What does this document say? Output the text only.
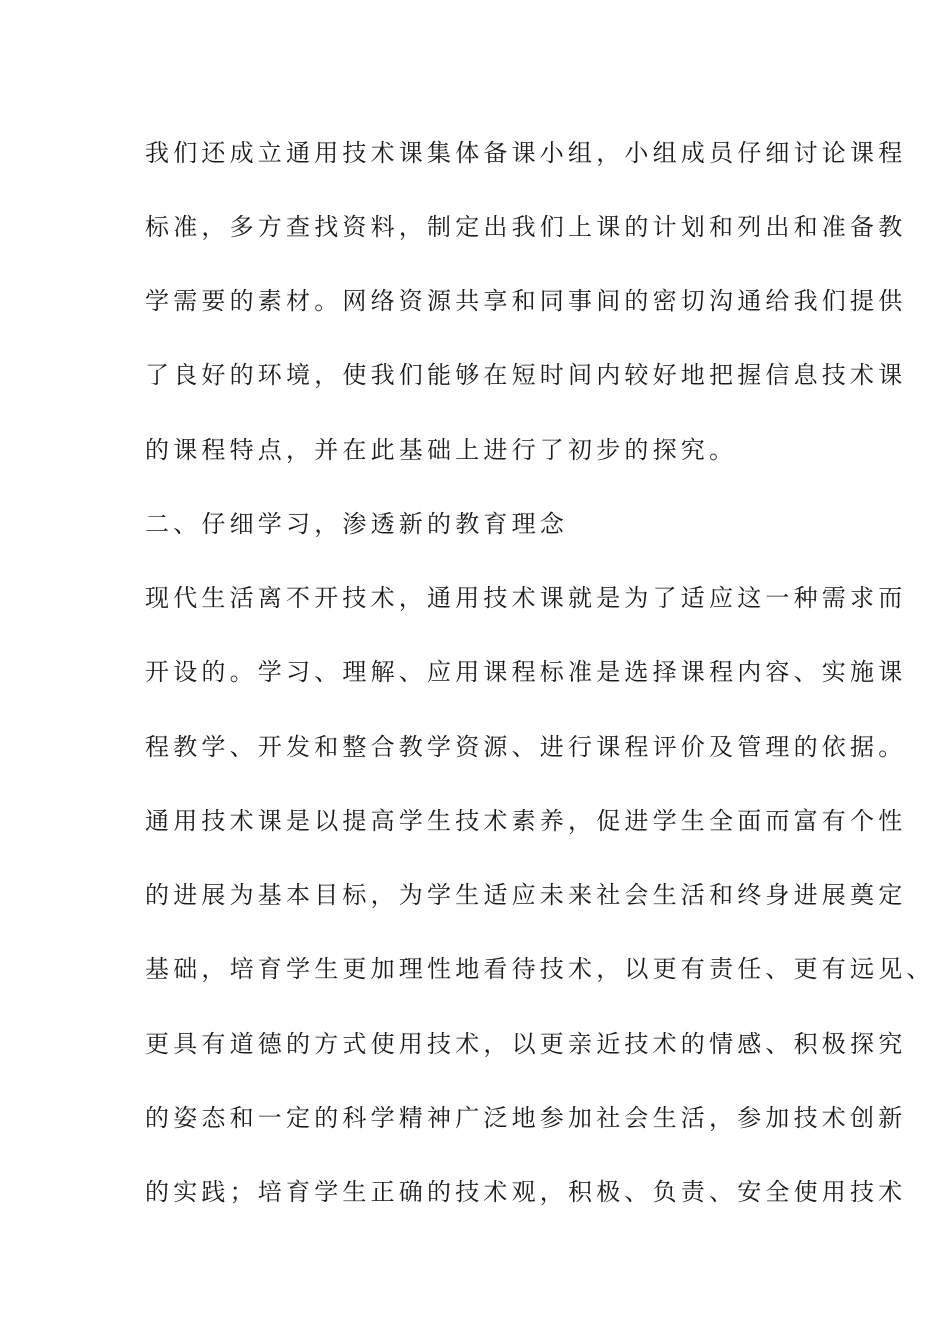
我们还成立通用技术课集体备课小组，小组成员仔细讨论课程
标准，多方查找资料，制定出我们上课的计划和列出和准备教
学需要的素材。网络资源共享和同事间的密切沟通给我们提供
了良好的环境，使我们能够在短时间内较好地把握信息技术课
的课程特点，并在此基础上进行了初步的探究。
二、仔细学习，渗透新的教育理念
现代生活离不开技术，通用技术课就是为了适应这一种需求而
开设的。学习、理解、应用课程标准是选择课程内容、实施课
程教学、开发和整合教学资源、进行课程评价及管理的依据。
通用技术课是以提高学生技术素养，促进学生全面而富有个性
的进展为基本目标，为学生适应未来社会生活和终身进展奠定
基础，培育学生更加理性地看待技术，以更有责任、更有远见、
更具有道德的方式使用技术，以更亲近技术的情感、积极探究
的姿态和一定的科学精神广泛地参加社会生活，参加技术创新
的实践；培育学生正确的技术观，积极、负责、安全使用技术
